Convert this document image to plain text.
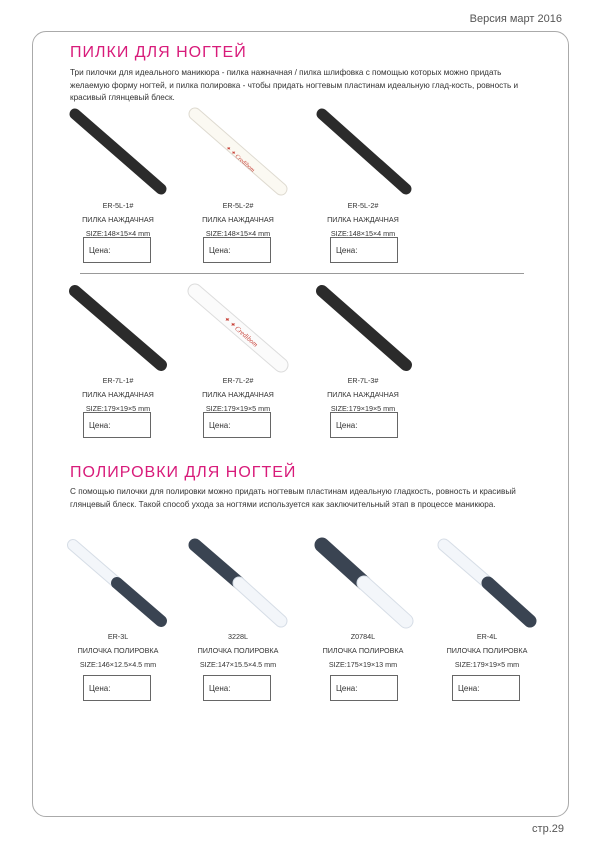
Версия март 2016
ПИЛКИ ДЛЯ НОГТЕЙ

Три пилочки для идеального маникюра - пилка нажначная / пилка шлифовка с помощью которых можно придать желаемую форму ногтей, и пилка полировка - чтобы придать ногтевым пластинам идеальную глад-кость, ровность и красивый глянцевый блеск.

ER-5L-1#
ПИЛКА НАЖДАЧНАЯ
SIZE:148×15×4 mm
Цена:
✦ ✦ Credibom
ER-5L-2#
ПИЛКА НАЖДАЧНАЯ
SIZE:148×15×4 mm
Цена:
ER-5L-2#
ПИЛКА НАЖДАЧНАЯ
SIZE:148×15×4 mm
Цена:
ER-7L-1#
ПИЛКА НАЖДАЧНАЯ
SIZE:179×19×5 mm
Цена:
✦ ✦ Credibom
ER-7L-2#
ПИЛКА НАЖДАЧНАЯ
SIZE:179×19×5 mm
Цена:
ER-7L-3#
ПИЛКА НАЖДАЧНАЯ
SIZE:179×19×5 mm
Цена:
ПОЛИРОВКИ ДЛЯ НОГТЕЙ

С помощью пилочки для полировки можно придать ногтевым пластинам идеальную гладкость, ровность и красивый глянцевый блеск. Такой способ ухода за ногтями используется как заключительный этап в процессе маникюра.

ER-3L
ПИЛОЧКА ПОЛИРОВКА
SIZE:146×12.5×4.5 mm
Цена:
3228L
ПИЛОЧКА ПОЛИРОВКА
SIZE:147×15.5×4.5 mm
Цена:
Z0784L
ПИЛОЧКА ПОЛИРОВКА
SIZE:175×19×13 mm
Цена:
ER-4L
ПИЛОЧКА ПОЛИРОВКА
SIZE:179×19×5 mm
Цена:
стр.29
